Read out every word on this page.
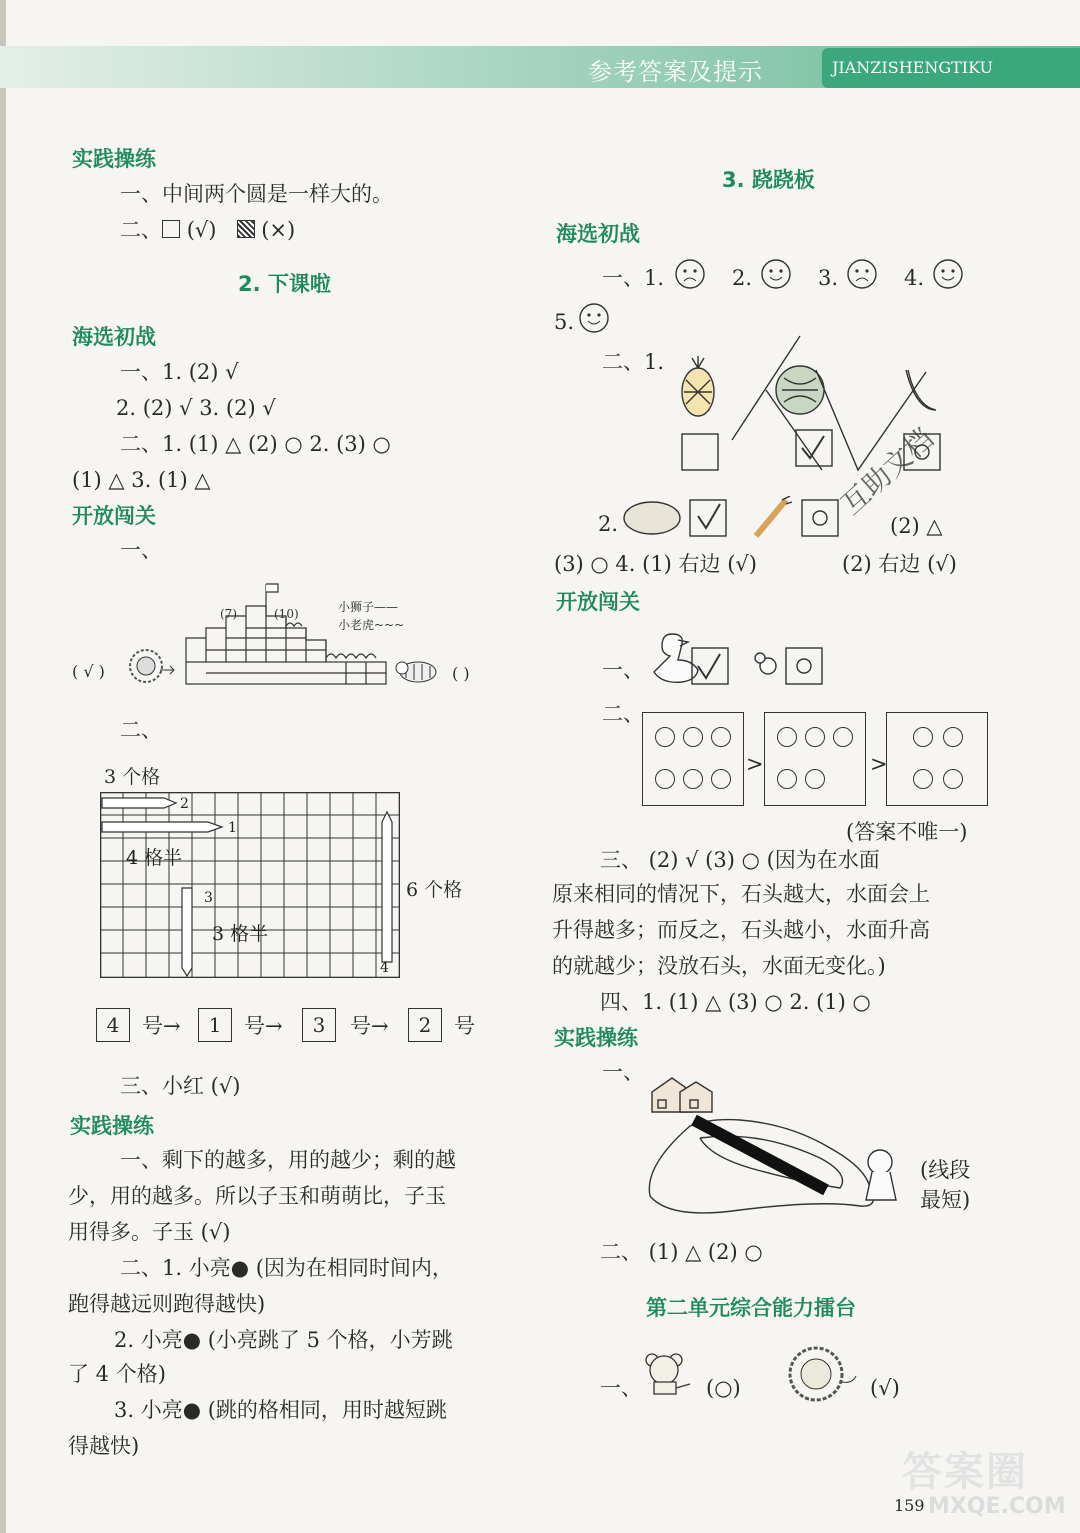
参考答案及提示	JIANZISHENGTIKU
实践操练
一、中间两个圆是一样大的。
二、 (√) (×)
2. 下课啦
海选初战
一、1. (2) √
2. (2) √ 3. (2) √
二、1. (1) △ (2) ○ 2. (3) ○
(1) △ 3. (1) △
开放闯关
一、
(7)	(10)	小狮子——
小老虎~~~
( √ )	( )
二、
3 个格
2
1
4 格半
3
3 格半
4
6 个格
4	号→	1	号→	3	号→	2	号
三、小红 (√)
实践操练
一、剩下的越多，用的越少；剩的越
少，用的越多。所以子玉和萌萌比，子玉
用得多。子玉 (√)
二、1. 小亮● (因为在相同时间内，
跑得越远则跑得越快)
2. 小亮● (小亮跳了 5 个格，小芳跳
了 4 个格)
3. 小亮● (跳的格相同，用时越短跳
得越快)
3. 跷跷板
海选初战
一、1.	2.	3.	4.
5.
二、1.
互助文档
2.	(2) △
(3) ○ 4. (1) 右边 (√)	(2) 右边 (√)
开放闯关
一、
二、
>	>
(答案不唯一)
三、 (2) √ (3) ○ (因为在水面
原来相同的情况下，石头越大，水面会上
升得越多；而反之，石头越小，水面升高
的就越少；没放石头，水面无变化。)
四、1. (1) △ (3) ○ 2. (1) ○
实践操练
一、
(线段
最短)
二、 (1) △ (2) ○
第二单元综合能力擂台
一、	(○)	(√)
159
答案圈
MXQE.COM
